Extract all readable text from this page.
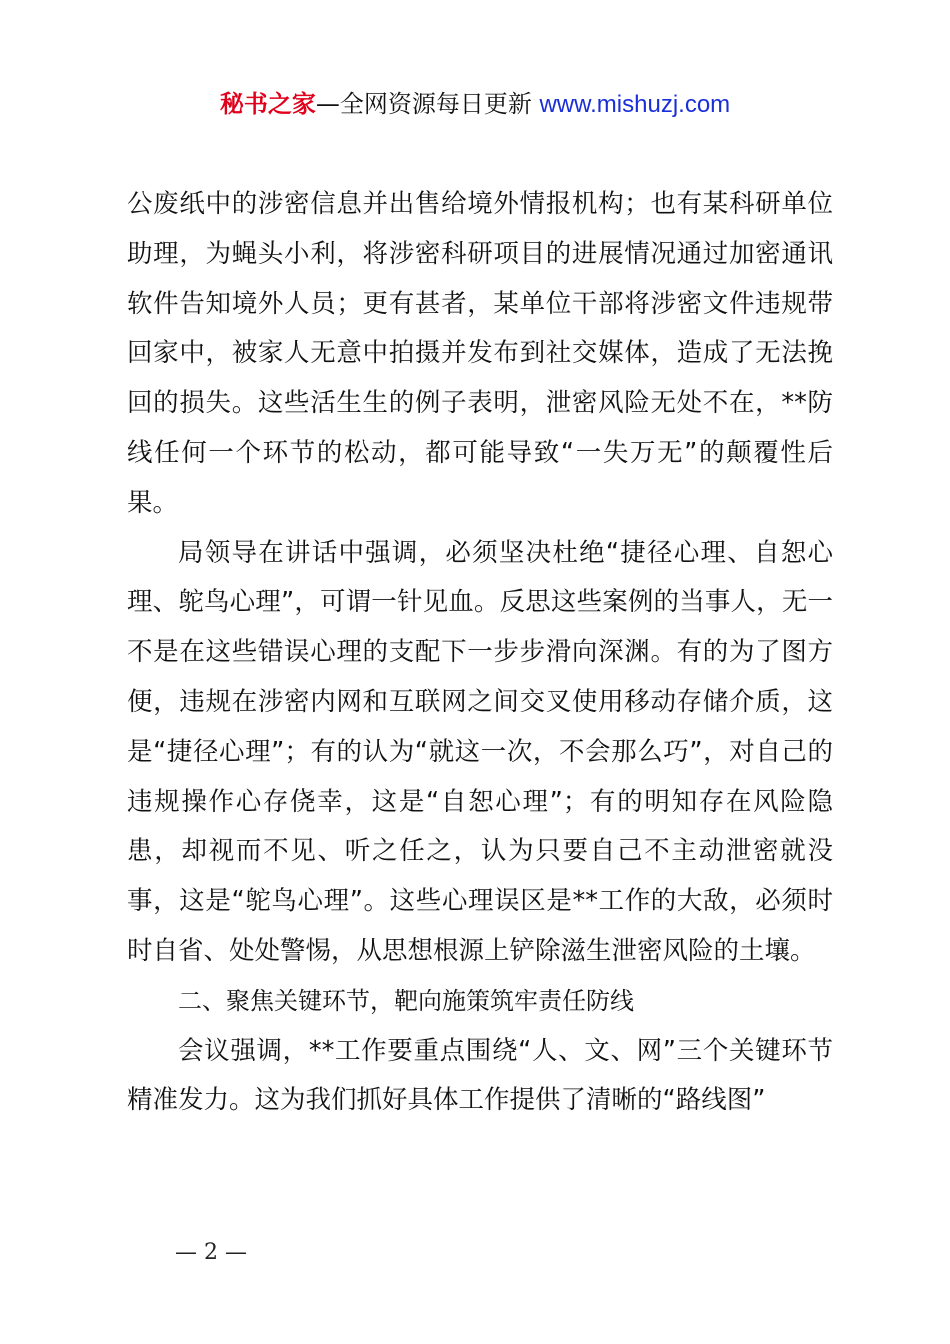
秘书之家—全网资源每日更新 www.mishuzj.com

公废纸中的涉密信息并出售给境外情报机构；也有某科研单位助理，为蝇头小利，将涉密科研项目的进展情况通过加密通讯软件告知境外人员；更有甚者，某单位干部将涉密文件违规带回家中，被家人无意中拍摄并发布到社交媒体，造成了无法挽回的损失。这些活生生的例子表明，泄密风险无处不在，**防线任何一个环节的松动，都可能导致“一失万无”的颠覆性后果。

局领导在讲话中强调，必须坚决杜绝“捷径心理、自恕心理、鸵鸟心理”，可谓一针见血。反思这些案例的当事人，无一不是在这些错误心理的支配下一步步滑向深渊。有的为了图方便，违规在涉密内网和互联网之间交叉使用移动存储介质，这是“捷径心理”；有的认为“就这一次，不会那么巧”，对自己的违规操作心存侥幸，这是“自恕心理”；有的明知存在风险隐患，却视而不见、听之任之，认为只要自己不主动泄密就没事，这是“鸵鸟心理”。这些心理误区是**工作的大敌，必须时时自省、处处警惕，从思想根源上铲除滋生泄密风险的土壤。

二、聚焦关键环节，靶向施策筑牢责任防线

会议强调，**工作要重点围绕“人、文、网”三个关键环节精准发力。这为我们抓好具体工作提供了清晰的“路线图”

— 2 —
